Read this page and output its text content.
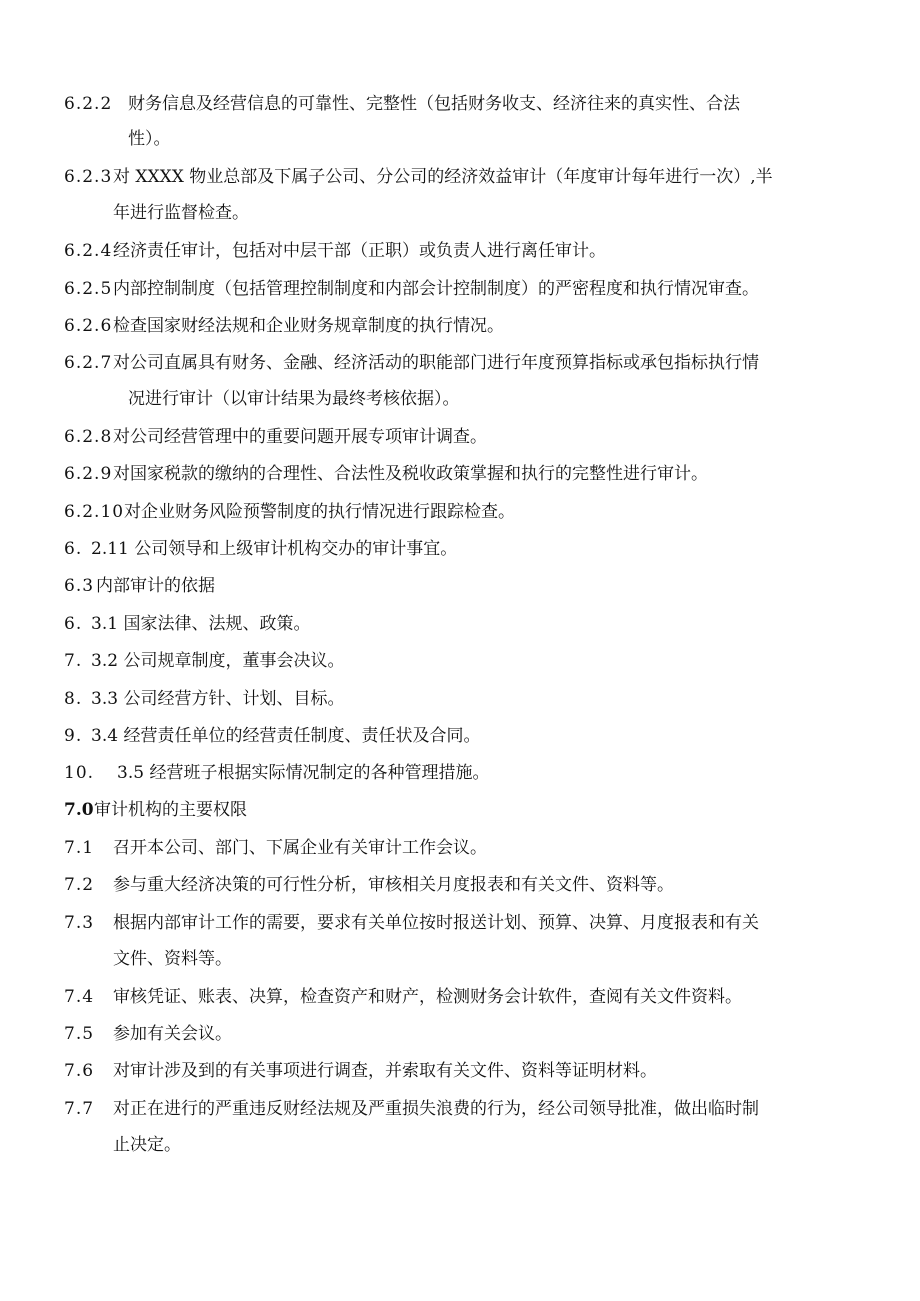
6.2.2 财务信息及经营信息的可靠性、完整性（包括财务收支、经济往来的真实性、合法
性）。
6.2.3 对 XXXX 物业总部及下属子公司、分公司的经济效益审计（年度审计每年进行一次）,半
年进行监督检查。
6.2.4 经济责任审计，包括对中层干部（正职）或负责人进行离任审计。
6.2.5 内部控制制度（包括管理控制制度和内部会计控制制度）的严密程度和执行情况审查。
6.2.6 检查国家财经法规和企业财务规章制度的执行情况。
6.2.7 对公司直属具有财务、金融、经济活动的职能部门进行年度预算指标或承包指标执行情
况进行审计（以审计结果为最终考核依据）。
6.2.8 对公司经营管理中的重要问题开展专项审计调查。
6.2.9 对国家税款的缴纳的合理性、合法性及税收政策掌握和执行的完整性进行审计。
6.2.10 对企业财务风险预警制度的执行情况进行跟踪检查。
6. 2.11 公司领导和上级审计机构交办的审计事宜。
6.3 内部审计的依据
6. 3.1 国家法律、法规、政策。
7. 3.2 公司规章制度，董事会决议。
8. 3.3 公司经营方针、计划、目标。
9. 3.4 经营责任单位的经营责任制度、责任状及合同。
10. 3.5 经营班子根据实际情况制定的各种管理措施。
7.0 审计机构的主要权限
7.1 召开本公司、部门、下属企业有关审计工作会议。
7.2 参与重大经济决策的可行性分析，审核相关月度报表和有关文件、资料等。
7.3 根据内部审计工作的需要，要求有关单位按时报送计划、预算、决算、月度报表和有关
文件、资料等。
7.4 审核凭证、账表、决算，检查资产和财产，检测财务会计软件，查阅有关文件资料。
7.5 参加有关会议。
7.6 对审计涉及到的有关事项进行调查，并索取有关文件、资料等证明材料。
7.7 对正在进行的严重违反财经法规及严重损失浪费的行为，经公司领导批准，做出临时制
止决定。
